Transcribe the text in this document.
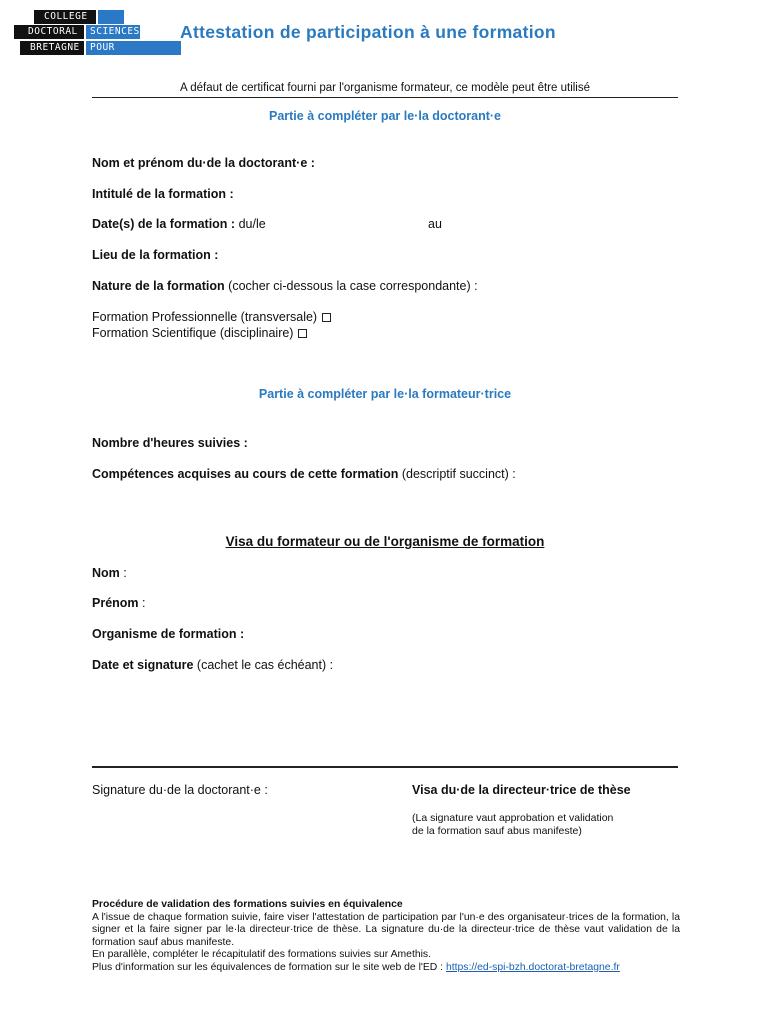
COLLEGE
DOCTORAL	SCIENCES
BRETAGNE	POUR L'INGENIEUR
Attestation de participation à une formation
A défaut de certificat fourni par l'organisme formateur, ce modèle peut être utilisé
Partie à compléter par le·la doctorant·e
Nom et prénom du·de la doctorant·e :
Intitulé de la formation :
Date(s) de la formation : du/le	au
Lieu de la formation :
Nature de la formation (cocher ci-dessous la case correspondante) :
Formation Professionnelle (transversale)
Formation Scientifique (disciplinaire)
Partie à compléter par le·la formateur·trice
Nombre d'heures suivies :
Compétences acquises au cours de cette formation (descriptif succinct) :
Visa du formateur ou de l'organisme de formation
Nom :
Prénom :
Organisme de formation :
Date et signature (cachet le cas échéant) :
Signature du·de la doctorant·e :	Visa du·de la directeur·trice de thèse
(La signature vaut approbation et validation
de la formation sauf abus manifeste)
Procédure de validation des formations suivies en équivalence
A l'issue de chaque formation suivie, faire viser l'attestation de participation par l'un·e des organisateur·trices de la formation, la signer et la faire signer par le·la directeur·trice de thèse. La signature du·de la directeur·trice de thèse vaut validation de la formation sauf abus manifeste.
En parallèle, compléter le récapitulatif des formations suivies sur Amethis.
Plus d'information sur les équivalences de formation sur le site web de l'ED : https://ed-spi-bzh.doctorat-bretagne.fr
